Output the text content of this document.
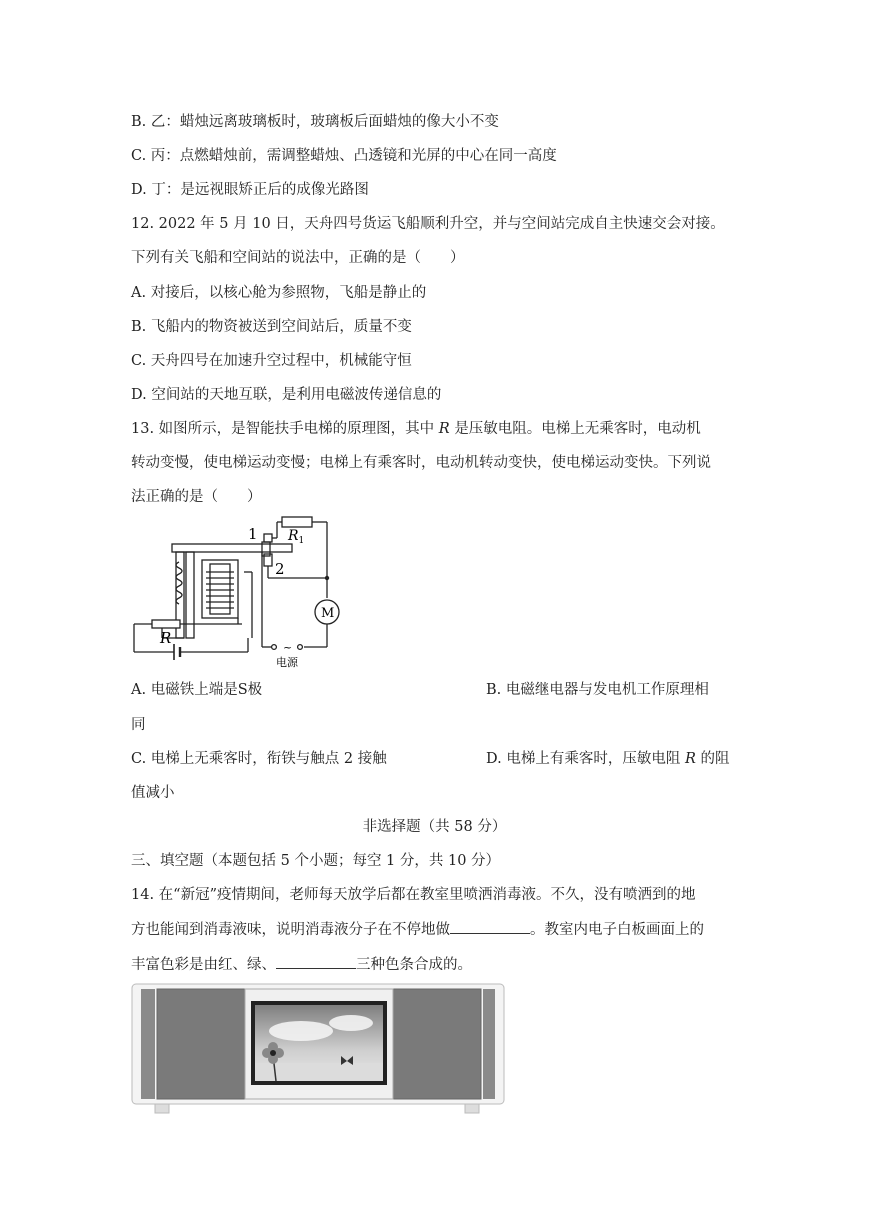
B. 乙：蜡烛远离玻璃板时，玻璃板后面蜡烛的像大小不变
C. 丙：点燃蜡烛前，需调整蜡烛、凸透镜和光屏的中心在同一高度
D. 丁：是远视眼矫正后的成像光路图
12. 2022 年 5 月 10 日，天舟四号货运飞船顺利升空，并与空间站完成自主快速交会对接。
下列有关飞船和空间站的说法中，正确的是（　　）
A. 对接后，以核心舱为参照物，飞船是静止的
B. 飞船内的物资被送到空间站后，质量不变
C. 天舟四号在加速升空过程中，机械能守恒
D. 空间站的天地互联，是利用电磁波传递信息的
13. 如图所示，是智能扶手电梯的原理图，其中 R 是压敏电阻。电梯上无乘客时，电动机
转动变慢，使电梯运动变慢；电梯上有乘客时，电动机转动变快，使电梯运动变快。下列说
法正确的是（　　）
1
2
$R_1$
M
R
~
电源
A. 电磁铁上端是S极	B. 电磁继电器与发电机工作原理相
同
C. 电梯上无乘客时，衔铁与触点 2 接触	D. 电梯上有乘客时，压敏电阻 R 的阻
值减小
非选择题（共 58 分）
三、填空题（本题包括 5 个小题；每空 1 分，共 10 分）
14. 在“新冠”疫情期间，老师每天放学后都在教室里喷洒消毒液。不久，没有喷洒到的地
方也能闻到消毒液味，说明消毒液分子在不停地做	。教室内电子白板画面上的
丰富色彩是由红、绿、	三种色条合成的。
